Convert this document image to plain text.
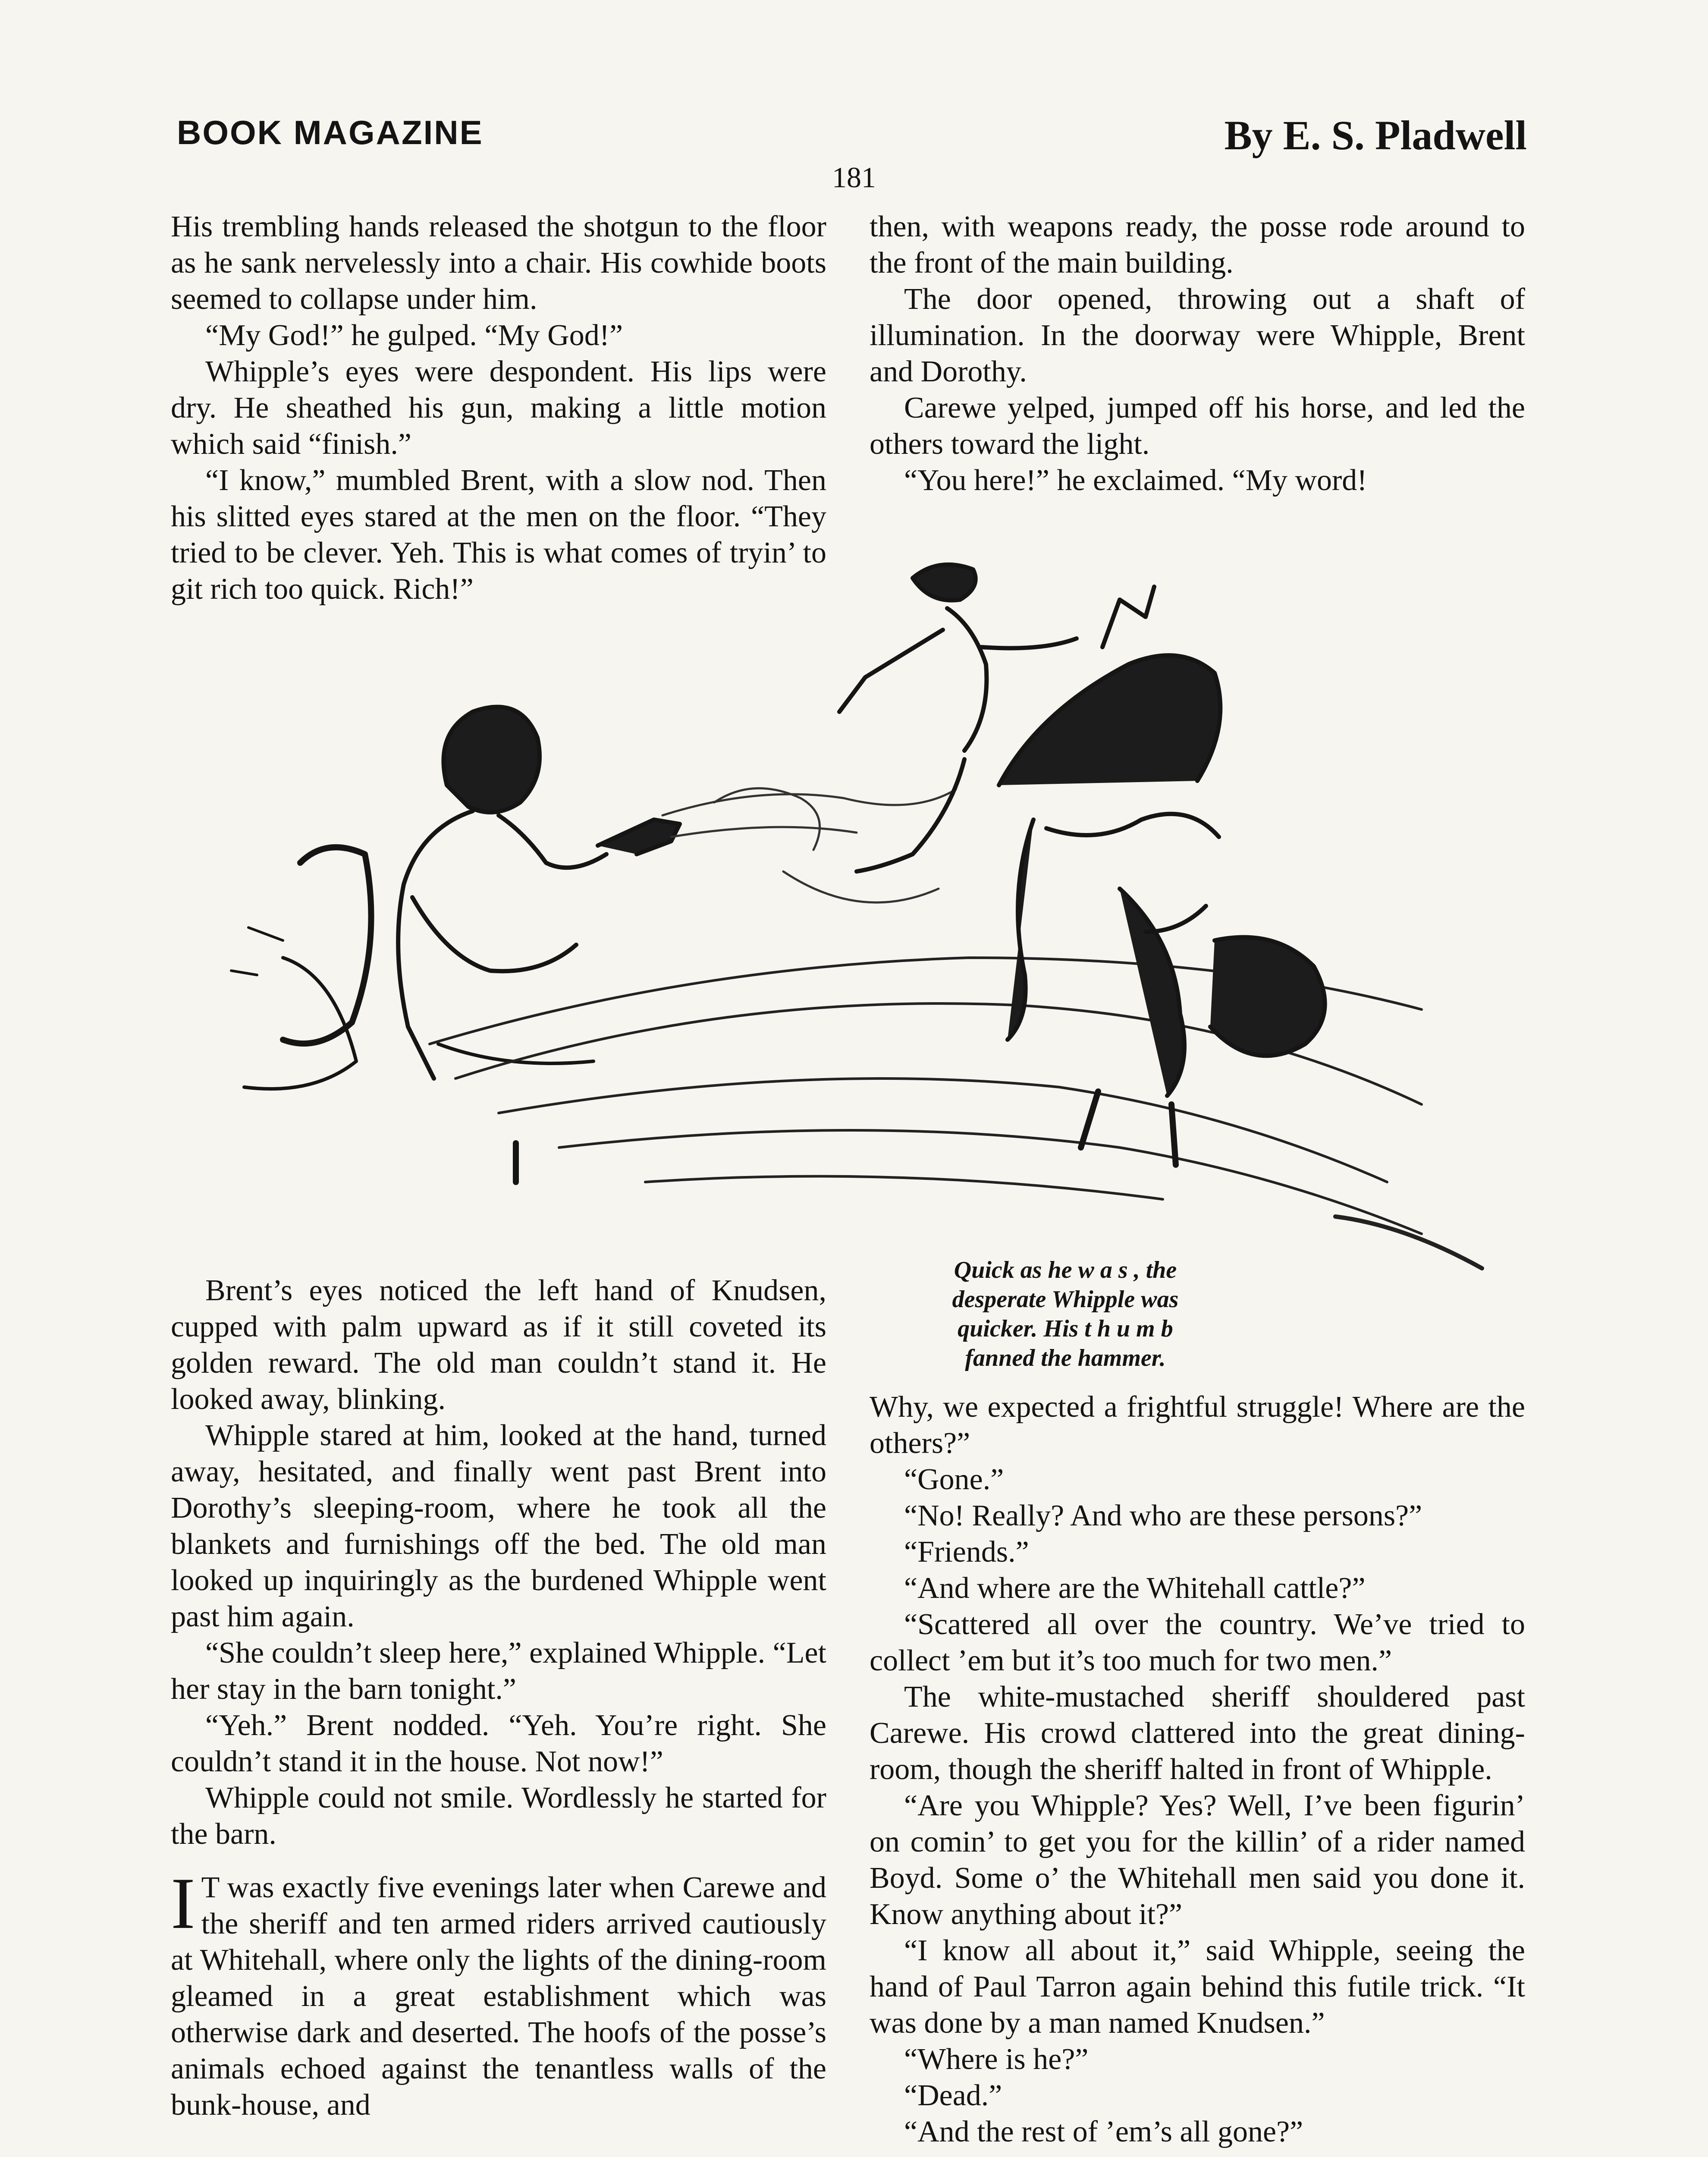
BOOK MAGAZINE	By E. S. Pladwell
181

His trembling hands released the shotgun to the floor as he sank nervelessly into a chair. His cowhide boots seemed to collapse under him.

“My God!” he gulped. “My God!”

Whipple’s eyes were despondent. His lips were dry. He sheathed his gun, making a little motion which said “finish.”

“I know,” mumbled Brent, with a slow nod. Then his slitted eyes stared at the men on the floor. “They tried to be clever. Yeh. This is what comes of tryin’ to git rich too quick. Rich!”

then, with weapons ready, the posse rode around to the front of the main building.

The door opened, throwing out a shaft of illumination. In the doorway were Whipple, Brent and Dorothy.

Carewe yelped, jumped off his horse, and led the others toward the light.

“You here!” he exclaimed. “My word!

Quick as he w a s , the
desperate Whipple was
quicker. His t h u m b
fanned the hammer.

Brent’s eyes noticed the left hand of Knudsen, cupped with palm upward as if it still coveted its golden reward. The old man couldn’t stand it. He looked away, blinking.

Whipple stared at him, looked at the hand, turned away, hesitated, and finally went past Brent into Dorothy’s sleeping-room, where he took all the blankets and furnishings off the bed. The old man looked up inquiringly as the burdened Whipple went past him again.

“She couldn’t sleep here,” explained Whipple. “Let her stay in the barn tonight.”

“Yeh.” Brent nodded. “Yeh. You’re right. She couldn’t stand it in the house. Not now!”

Whipple could not smile. Wordlessly he started for the barn.

I T was exactly five evenings later when Carewe and the sheriff and ten armed riders arrived cautiously at Whitehall, where only the lights of the dining-room gleamed in a great establishment which was otherwise dark and deserted. The hoofs of the posse’s animals echoed against the tenantless walls of the bunk-house, and

Why, we expected a frightful struggle! Where are the others?”

“Gone.”

“No! Really? And who are these persons?”

“Friends.”

“And where are the Whitehall cattle?”

“Scattered all over the country. We’ve tried to collect ’em but it’s too much for two men.”

The white-mustached sheriff shouldered past Carewe. His crowd clattered into the great dining-room, though the sheriff halted in front of Whipple.

“Are you Whipple? Yes? Well, I’ve been figurin’ on comin’ to get you for the killin’ of a rider named Boyd. Some o’ the Whitehall men said you done it. Know anything about it?”

“I know all about it,” said Whipple, seeing the hand of Paul Tarron again behind this futile trick. “It was done by a man named Knudsen.”

“Where is he?”

“Dead.”

“And the rest of ’em’s all gone?”
